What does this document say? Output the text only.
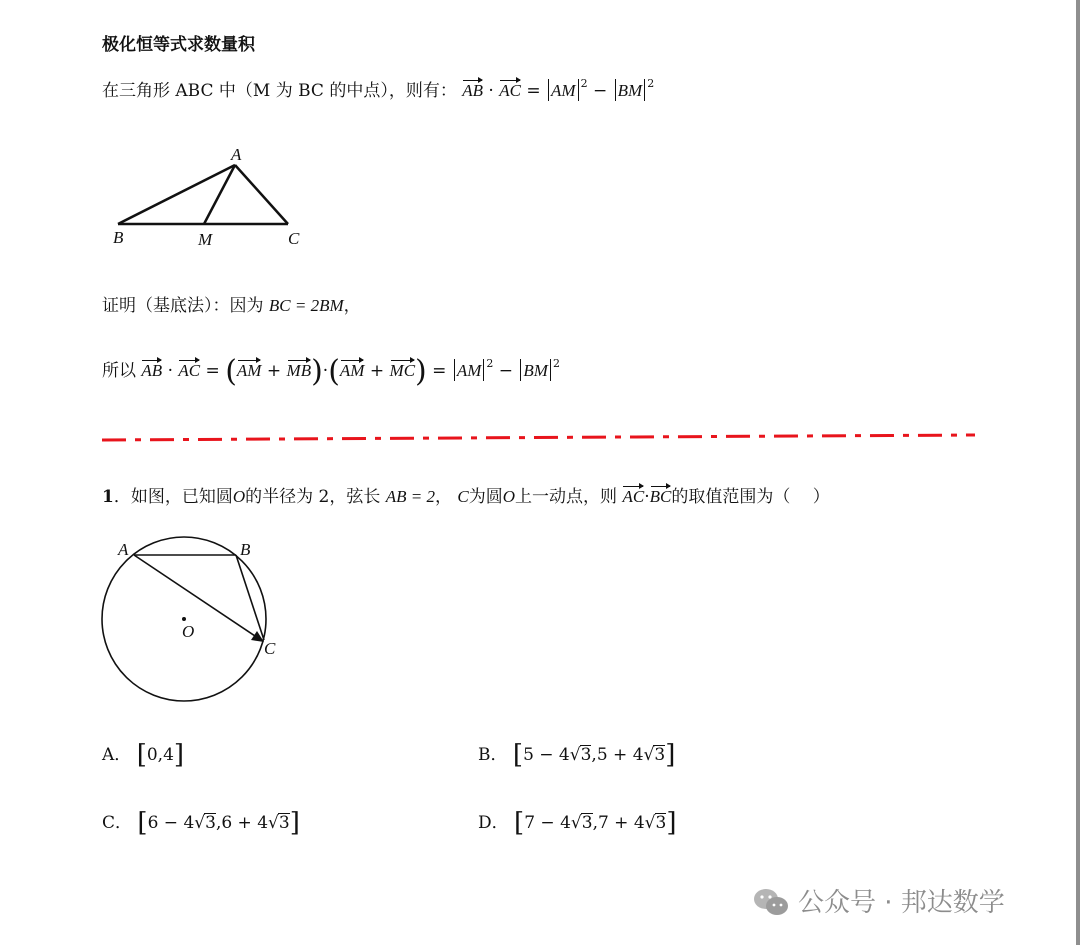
极化恒等式求数量积
在三角形 ABC 中（M 为 BC 的中点），则有： AB · AC = AM $^2$ − BM $^2$
A
B	M	C
证明（基底法）：因为 BC = 2BM，
所以 AB · AC = (AM + MB)·(AM + MC) = AM $^2$ − BM $^2$
1．如图，已知圆O的半径为 2，弦长 AB = 2， C为圆O上一动点，则 AC·BC的取值范围为（　 ）
A	B
O
C
A． [0,4]	B． [5 − 4√3,5 + 4√3]
C． [6 − 4√3,6 + 4√3]	D． [7 − 4√3,7 + 4√3]
公众号 · 邦达数学
